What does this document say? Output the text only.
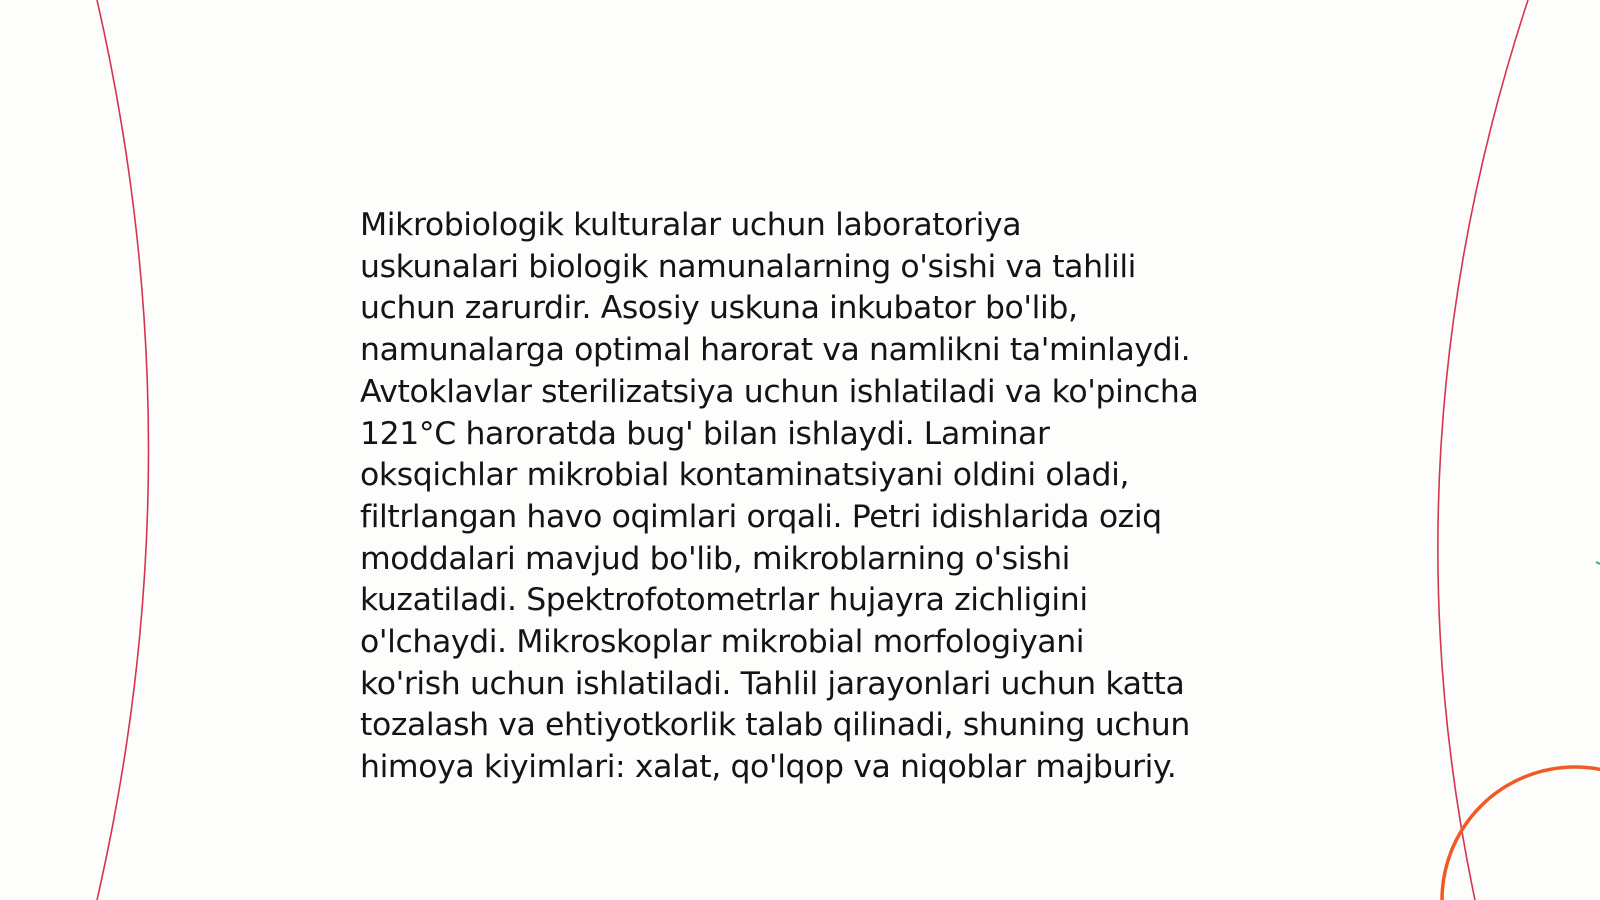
Mikrobiologik kulturalar uchun laboratoriya
uskunalari biologik namunalarning o'sishi va tahlili
uchun zarurdir. Asosiy uskuna inkubator bo'lib,
namunalarga optimal harorat va namlikni ta'minlaydi.
Avtoklavlar sterilizatsiya uchun ishlatiladi va ko'pincha
121°C haroratda bug' bilan ishlaydi. Laminar
oksqichlar mikrobial kontaminatsiyani oldini oladi,
filtrlangan havo oqimlari orqali. Petri idishlarida oziq
moddalari mavjud bo'lib, mikroblarning o'sishi
kuzatiladi. Spektrofotometrlar hujayra zichligini
o'lchaydi. Mikroskoplar mikrobial morfologiyani
ko'rish uchun ishlatiladi. Tahlil jarayonlari uchun katta
tozalash va ehtiyotkorlik talab qilinadi, shuning uchun
himoya kiyimlari: xalat, qo'lqop va niqoblar majburiy.
